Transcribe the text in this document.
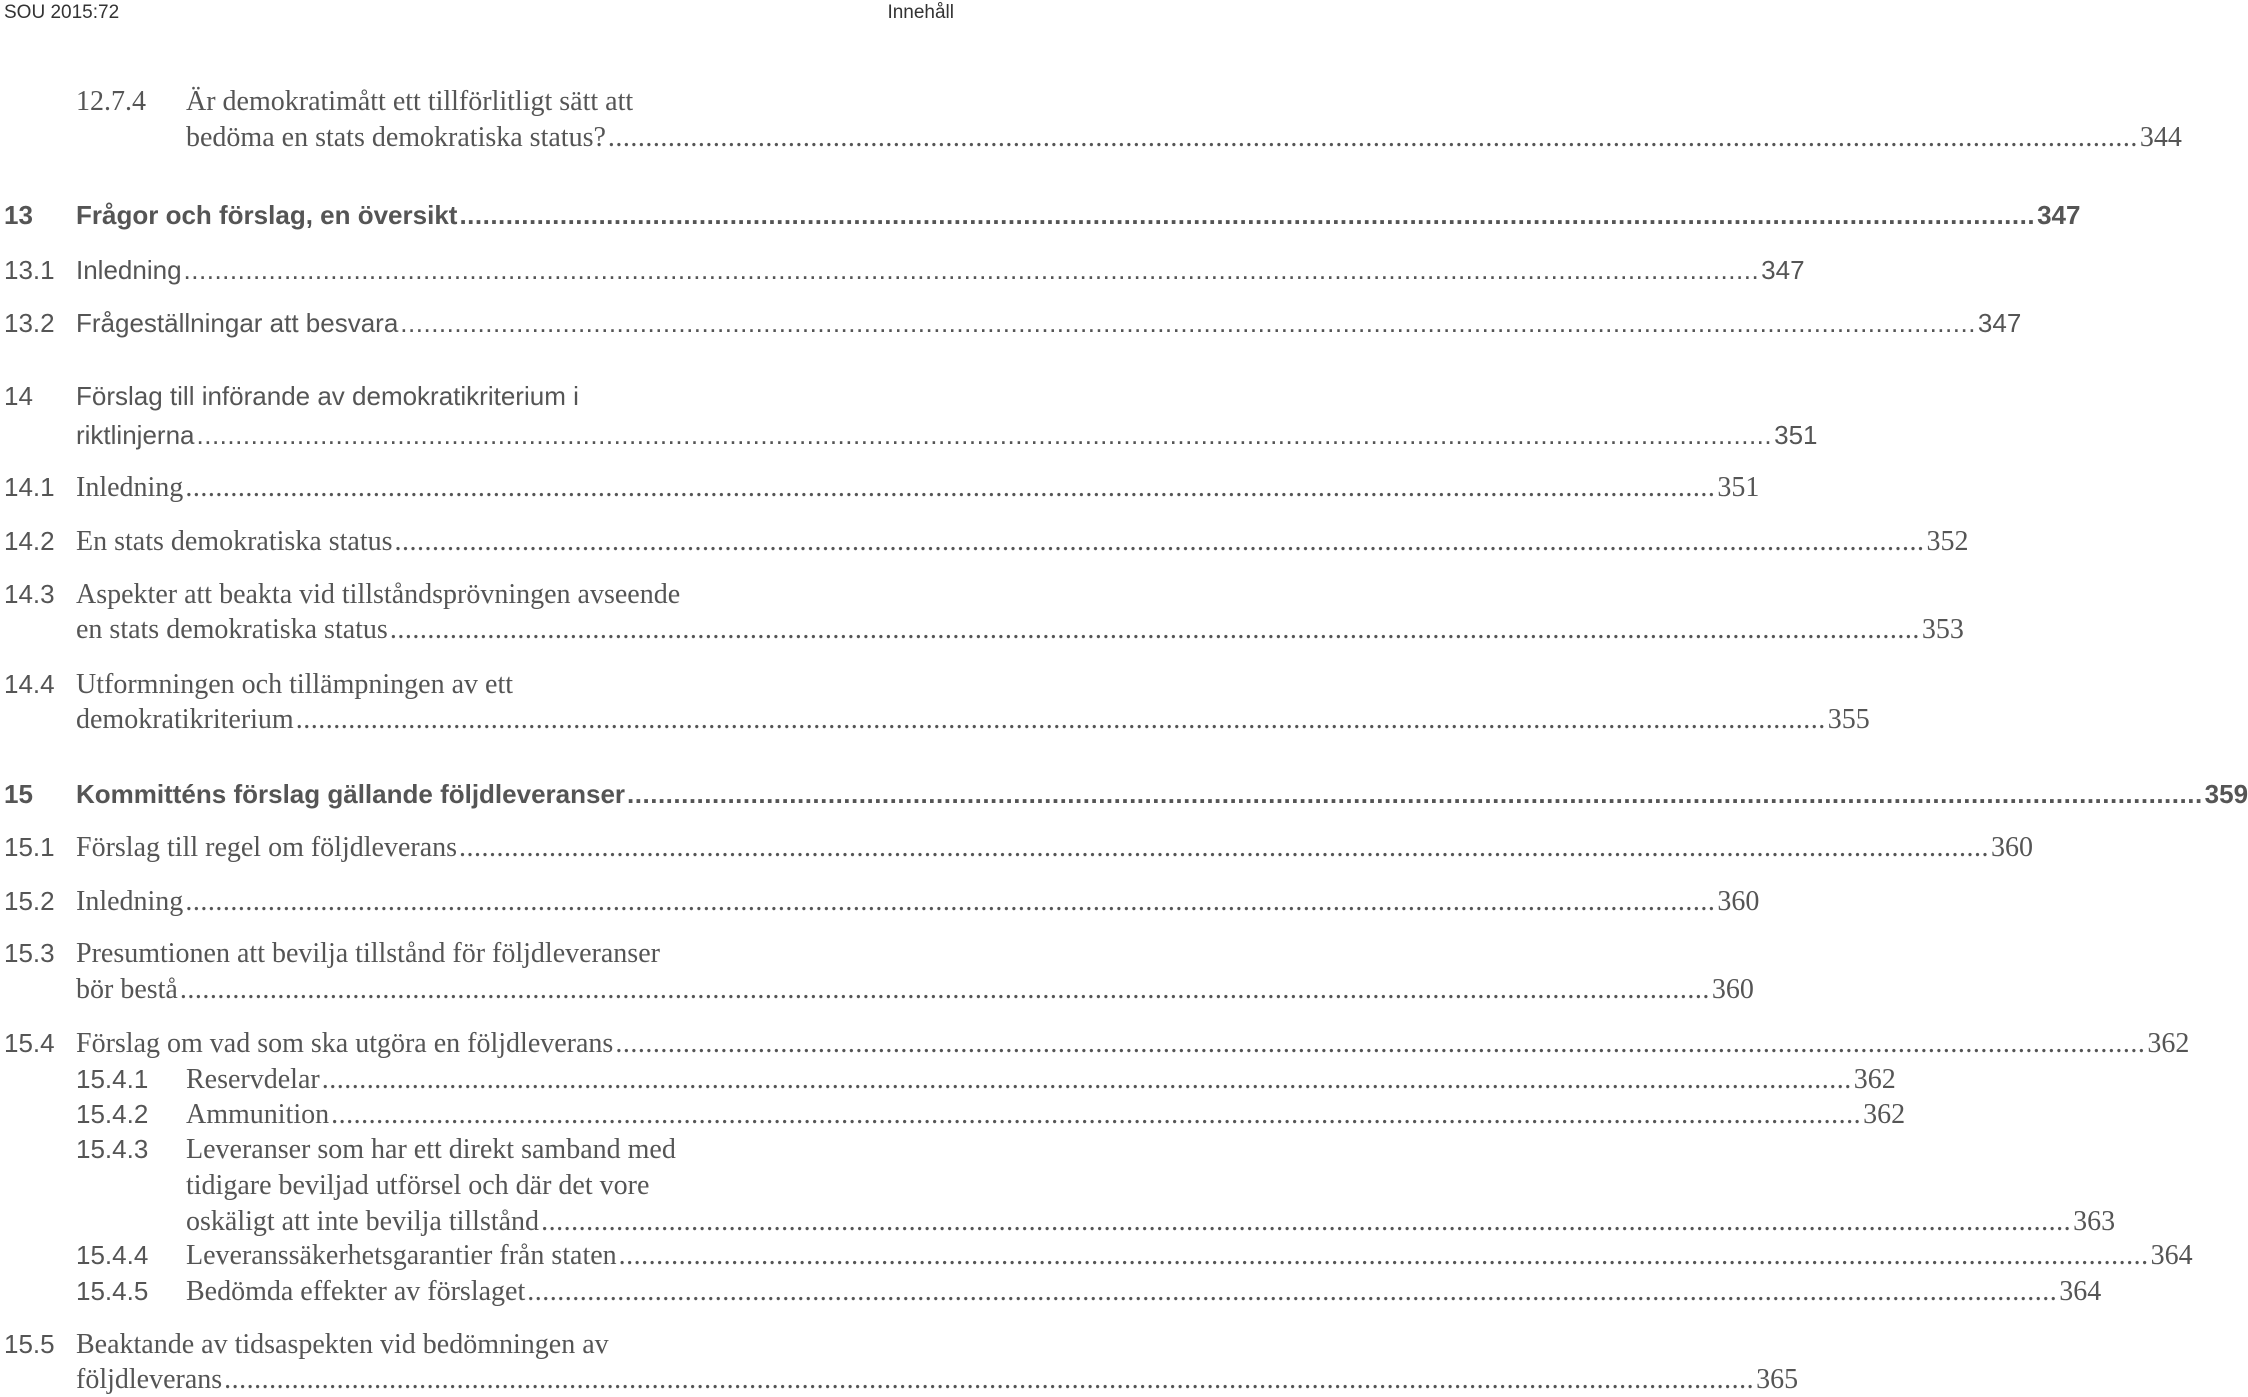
SOU 2015:72	Innehåll
12.7.4 Är demokratimått ett tillförlitligt sätt att
bedöma en stats demokratiska status? ............................................................................................................................................................................................................ 344
13 Frågor och förslag, en översikt ............................................................................................................................................................................................................ 347
13.1 Inledning ............................................................................................................................................................................................................ 347
13.2 Frågeställningar att besvara ............................................................................................................................................................................................................ 347
14 Förslag till införande av demokratikriterium i
riktlinjerna ............................................................................................................................................................................................................ 351
14.1 Inledning ............................................................................................................................................................................................................ 351
14.2 En stats demokratiska status ............................................................................................................................................................................................................ 352
14.3 Aspekter att beakta vid tillståndsprövningen avseende
en stats demokratiska status ............................................................................................................................................................................................................ 353
14.4 Utformningen och tillämpningen av ett
demokratikriterium ............................................................................................................................................................................................................ 355
15 Kommitténs förslag gällande följdleveranser ............................................................................................................................................................................................................ 359
15.1 Förslag till regel om följdleverans ............................................................................................................................................................................................................ 360
15.2 Inledning ............................................................................................................................................................................................................ 360
15.3 Presumtionen att bevilja tillstånd för följdleveranser
bör bestå ............................................................................................................................................................................................................ 360
15.4 Förslag om vad som ska utgöra en följdleverans ............................................................................................................................................................................................................ 362
15.4.1 Reservdelar ............................................................................................................................................................................................................ 362
15.4.2 Ammunition ............................................................................................................................................................................................................ 362
15.4.3 Leveranser som har ett direkt samband med
tidigare beviljad utförsel och där det vore
oskäligt att inte bevilja tillstånd ............................................................................................................................................................................................................ 363
15.4.4 Leveranssäkerhetsgarantier från staten ............................................................................................................................................................................................................ 364
15.4.5 Bedömda effekter av förslaget ............................................................................................................................................................................................................ 364
15.5 Beaktande av tidsaspekten vid bedömningen av
följdleverans ............................................................................................................................................................................................................ 365
